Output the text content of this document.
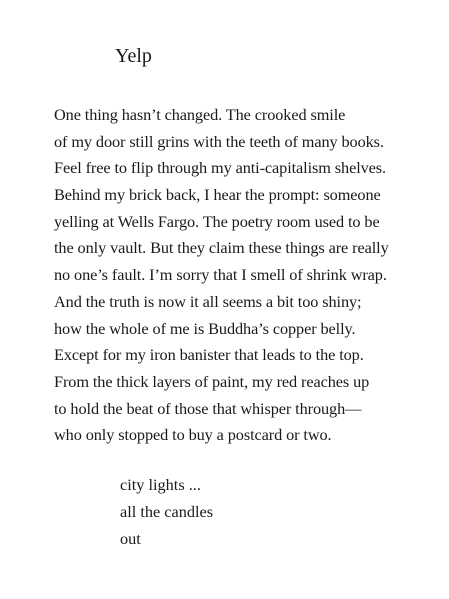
Yelp
One thing hasn’t changed. The crooked smile
of my door still grins with the teeth of many books.
Feel free to flip through my anti-capitalism shelves.
Behind my brick back, I hear the prompt: someone
yelling at Wells Fargo. The poetry room used to be
the only vault. But they claim these things are really
no one’s fault. I’m sorry that I smell of shrink wrap.
And the truth is now it all seems a bit too shiny;
how the whole of me is Buddha’s copper belly.
Except for my iron banister that leads to the top.
From the thick layers of paint, my red reaches up
to hold the beat of those that whisper through—
who only stopped to buy a postcard or two.
city lights ...
all the candles
out
